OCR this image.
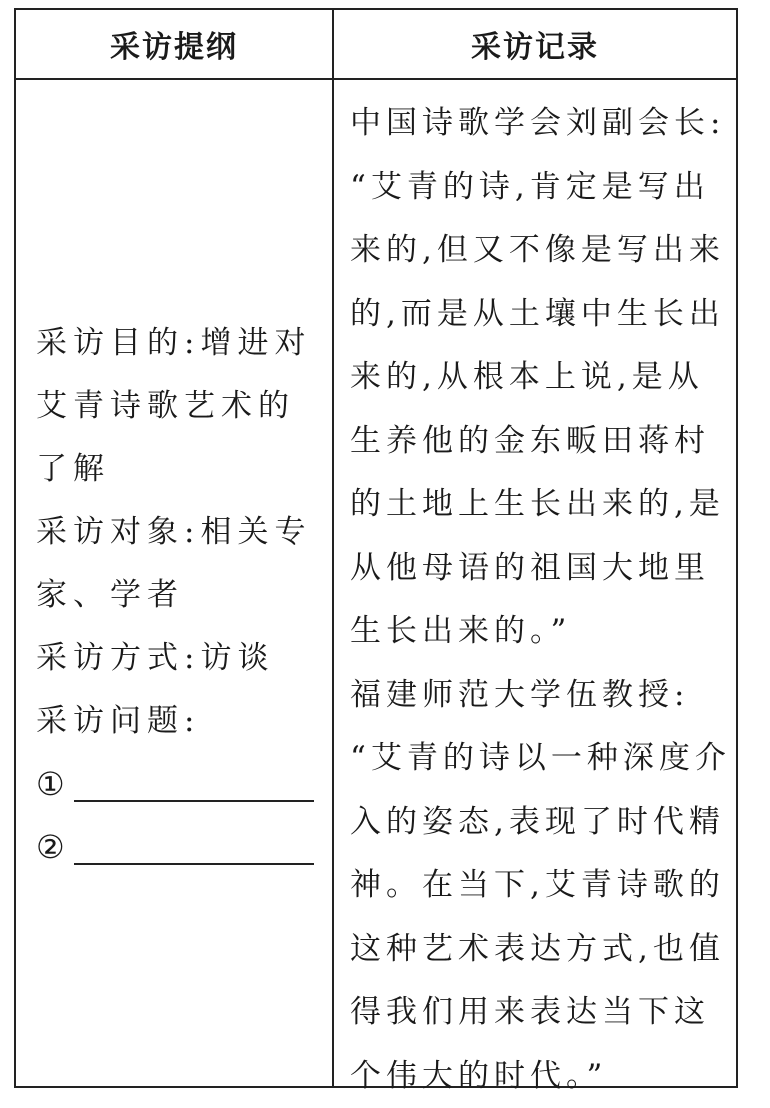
采访提纲	采访记录
采访目的:增进对
艾青诗歌艺术的
了解
采访对象:相关专
家、学者
采访方式:访谈
采访问题:
①
②
中国诗歌学会刘副会长:
“艾青的诗,肯定是写出
来的,但又不像是写出来
的,而是从土壤中生长出
来的,从根本上说,是从
生养他的金东畈田蒋村
的土地上生长出来的,是
从他母语的祖国大地里
生长出来的。”
福建师范大学伍教授:
“艾青的诗以一种深度介
入的姿态,表现了时代精
神。在当下,艾青诗歌的
这种艺术表达方式,也值
得我们用来表达当下这
个伟大的时代。”
